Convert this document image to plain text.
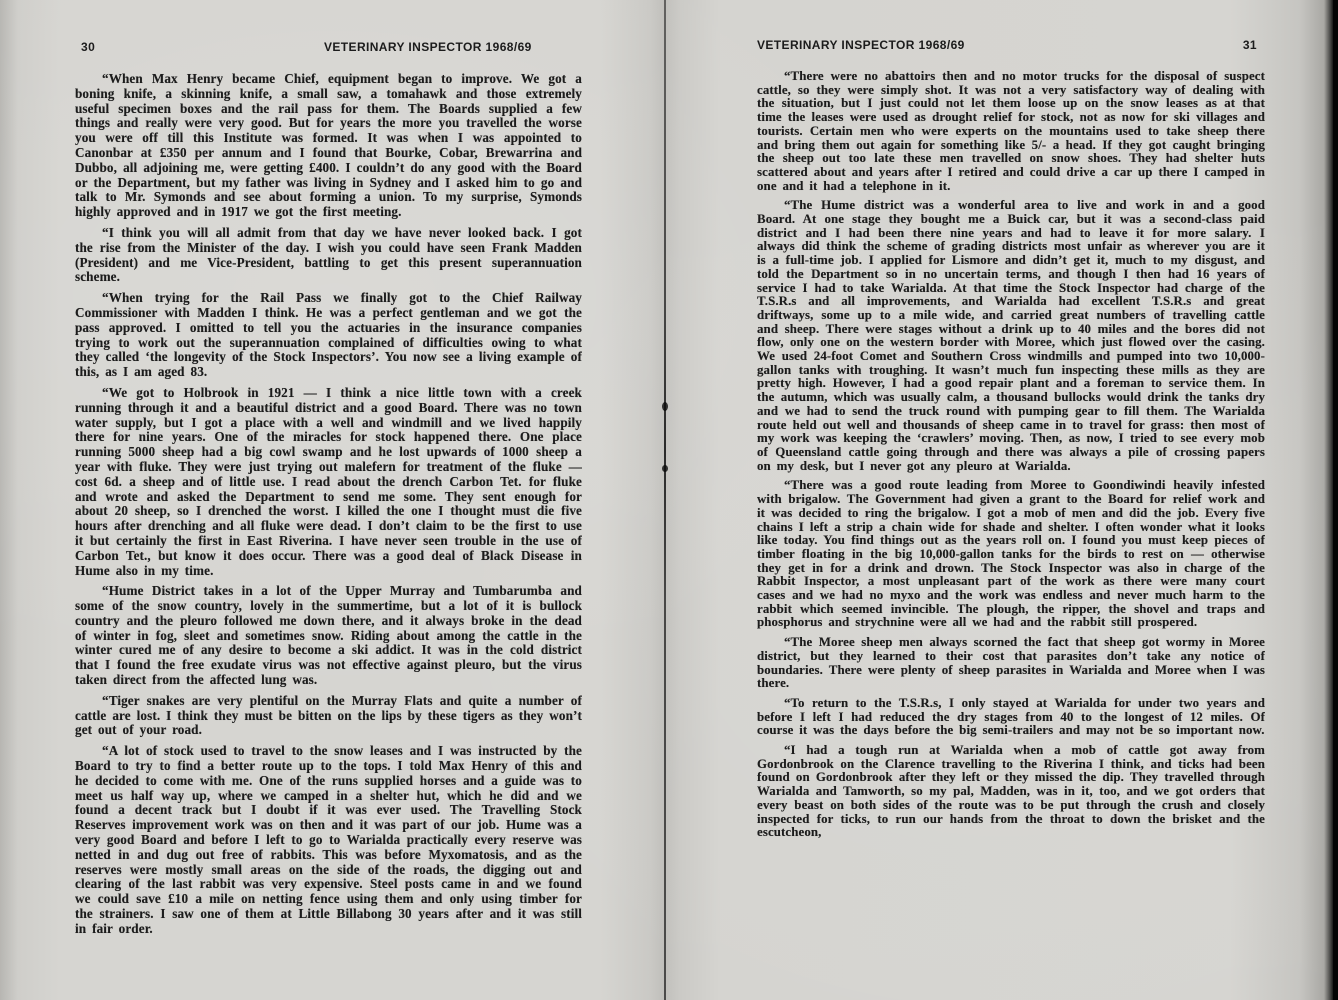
30	VETERINARY INSPECTOR 1968/69

“When Max Henry became Chief, equipment began to improve. We got a boning knife, a skinning knife, a small saw, a tomahawk and those extremely useful specimen boxes and the rail pass for them. The Boards supplied a few things and really were very good. But for years the more you travelled the worse you were off till this Institute was formed. It was when I was appointed to Canonbar at £350 per annum and I found that Bourke, Cobar, Brewarrina and Dubbo, all adjoining me, were getting £400. I couldn’t do any good with the Board or the Department, but my father was living in Sydney and I asked him to go and talk to Mr. Symonds and see about forming a union. To my surprise, Symonds highly approved and in 1917 we got the first meeting.

“I think you will all admit from that day we have never looked back. I got the rise from the Minister of the day. I wish you could have seen Frank Madden (President) and me Vice-President, battling to get this present superannuation scheme.

“When trying for the Rail Pass we finally got to the Chief Railway Commissioner with Madden I think. He was a perfect gentleman and we got the pass approved. I omitted to tell you the actuaries in the insurance companies trying to work out the superannuation complained of difficulties owing to what they called ‘the longevity of the Stock Inspectors’. You now see a living example of this, as I am aged 83.

“We got to Holbrook in 1921 — I think a nice little town with a creek running through it and a beautiful district and a good Board. There was no town water supply, but I got a place with a well and windmill and we lived happily there for nine years. One of the miracles for stock happened there. One place running 5000 sheep had a big cowl swamp and he lost upwards of 1000 sheep a year with fluke. They were just trying out malefern for treatment of the fluke — cost 6d. a sheep and of little use. I read about the drench Carbon Tet. for fluke and wrote and asked the Department to send me some. They sent enough for about 20 sheep, so I drenched the worst. I killed the one I thought must die five hours after drenching and all fluke were dead. I don’t claim to be the first to use it but certainly the first in East Riverina. I have never seen trouble in the use of Carbon Tet., but know it does occur. There was a good deal of Black Disease in Hume also in my time.

“Hume District takes in a lot of the Upper Murray and Tumbarumba and some of the snow country, lovely in the summertime, but a lot of it is bullock country and the pleuro followed me down there, and it always broke in the dead of winter in fog, sleet and sometimes snow. Riding about among the cattle in the winter cured me of any desire to become a ski addict. It was in the cold district that I found the free exudate virus was not effective against pleuro, but the virus taken direct from the affected lung was.

“Tiger snakes are very plentiful on the Murray Flats and quite a number of cattle are lost. I think they must be bitten on the lips by these tigers as they won’t get out of your road.

“A lot of stock used to travel to the snow leases and I was instructed by the Board to try to find a better route up to the tops. I told Max Henry of this and he decided to come with me. One of the runs supplied horses and a guide was to meet us half way up, where we camped in a shelter hut, which he did and we found a decent track but I doubt if it was ever used. The Travelling Stock Reserves improvement work was on then and it was part of our job. Hume was a very good Board and before I left to go to Warialda practically every reserve was netted in and dug out free of rabbits. This was before Myxomatosis, and as the reserves were mostly small areas on the side of the roads, the digging out and clearing of the last rabbit was very expensive. Steel posts came in and we found we could save £10 a mile on netting fence using them and only using timber for the strainers. I saw one of them at Little Billabong 30 years after and it was still in fair order.

VETERINARY INSPECTOR 1968/69	31

“There were no abattoirs then and no motor trucks for the disposal of suspect cattle, so they were simply shot. It was not a very satisfactory way of dealing with the situation, but I just could not let them loose up on the snow leases as at that time the leases were used as drought relief for stock, not as now for ski villages and tourists. Certain men who were experts on the mountains used to take sheep there and bring them out again for something like 5/- a head. If they got caught bringing the sheep out too late these men travelled on snow shoes. They had shelter huts scattered about and years after I retired and could drive a car up there I camped in one and it had a telephone in it.

“The Hume district was a wonderful area to live and work in and a good Board. At one stage they bought me a Buick car, but it was a second-class paid district and I had been there nine years and had to leave it for more salary. I always did think the scheme of grading districts most unfair as wherever you are it is a full-time job. I applied for Lismore and didn’t get it, much to my disgust, and told the Department so in no uncertain terms, and though I then had 16 years of service I had to take Warialda. At that time the Stock Inspector had charge of the T.S.R.s and all improvements, and Warialda had excellent T.S.R.s and great driftways, some up to a mile wide, and carried great numbers of travelling cattle and sheep. There were stages without a drink up to 40 miles and the bores did not flow, only one on the western border with Moree, which just flowed over the casing. We used 24-foot Comet and Southern Cross windmills and pumped into two 10,000-gallon tanks with troughing. It wasn’t much fun inspecting these mills as they are pretty high. However, I had a good repair plant and a foreman to service them. In the autumn, which was usually calm, a thousand bullocks would drink the tanks dry and we had to send the truck round with pumping gear to fill them. The Warialda route held out well and thousands of sheep came in to travel for grass: then most of my work was keeping the ‘crawlers’ moving. Then, as now, I tried to see every mob of Queensland cattle going through and there was always a pile of crossing papers on my desk, but I never got any pleuro at Warialda.

“There was a good route leading from Moree to Goondiwindi heavily infested with brigalow. The Government had given a grant to the Board for relief work and it was decided to ring the brigalow. I got a mob of men and did the job. Every five chains I left a strip a chain wide for shade and shelter. I often wonder what it looks like today. You find things out as the years roll on. I found you must keep pieces of timber floating in the big 10,000-gallon tanks for the birds to rest on — otherwise they get in for a drink and drown. The Stock Inspector was also in charge of the Rabbit Inspector, a most unpleasant part of the work as there were many court cases and we had no myxo and the work was endless and never much harm to the rabbit which seemed invincible. The plough, the ripper, the shovel and traps and phosphorus and strychnine were all we had and the rabbit still prospered.

“The Moree sheep men always scorned the fact that sheep got wormy in Moree district, but they learned to their cost that parasites don’t take any notice of boundaries. There were plenty of sheep parasites in Warialda and Moree when I was there.

“To return to the T.S.R.s, I only stayed at Warialda for under two years and before I left I had reduced the dry stages from 40 to the longest of 12 miles. Of course it was the days before the big semi-trailers and may not be so important now.

“I had a tough run at Warialda when a mob of cattle got away from Gordonbrook on the Clarence travelling to the Riverina I think, and ticks had been found on Gordonbrook after they left or they missed the dip. They travelled through Warialda and Tamworth, so my pal, Madden, was in it, too, and we got orders that every beast on both sides of the route was to be put through the crush and closely inspected for ticks, to run our hands from the throat to down the brisket and the escutcheon,
